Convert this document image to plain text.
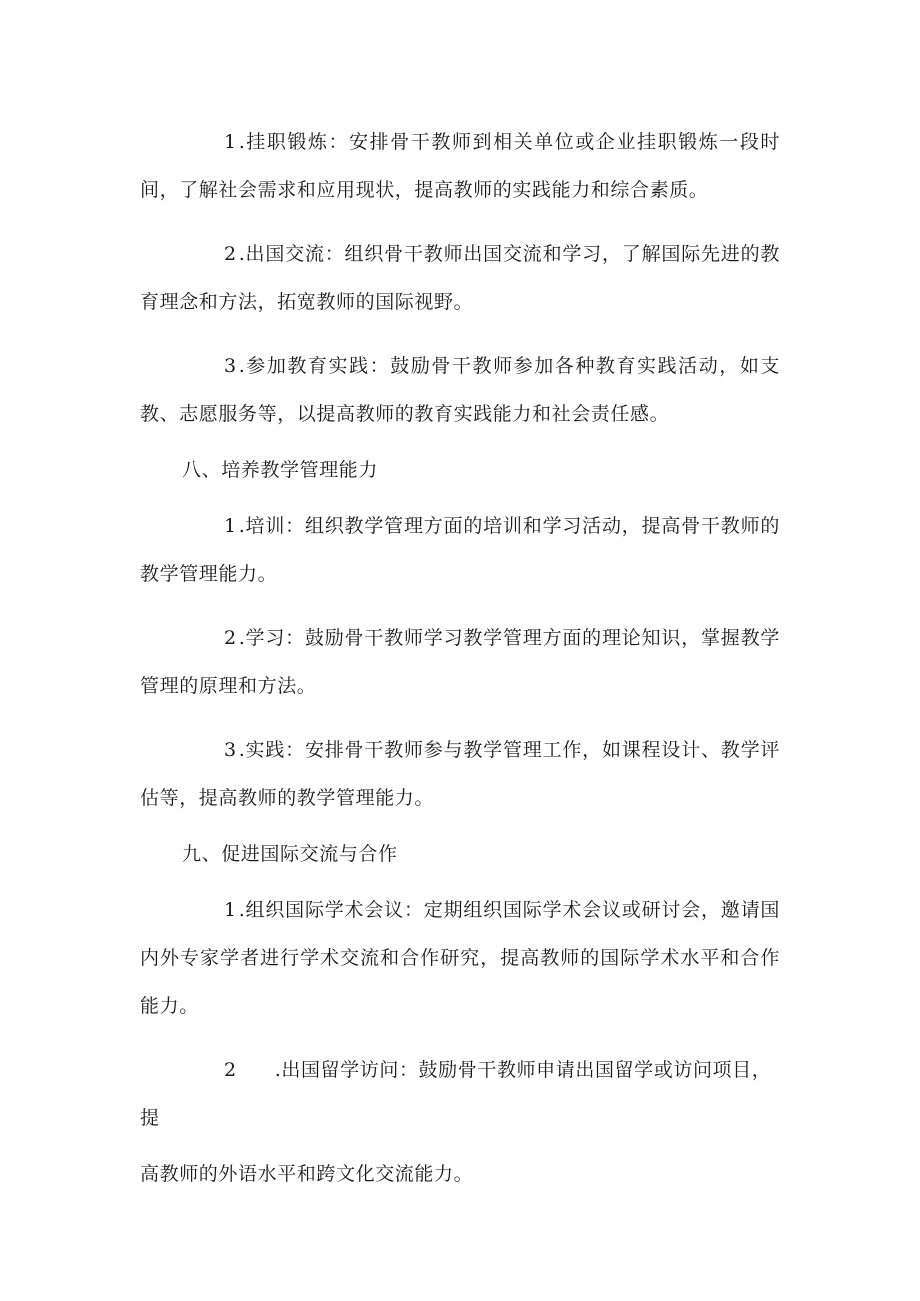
1 .挂职锻炼：安排骨干教师到相关单位或企业挂职锻炼一段时间，了解社会需求和应用现状，提高教师的实践能力和综合素质。

2 .出国交流：组织骨干教师出国交流和学习，了解国际先进的教育理念和方法，拓宽教师的国际视野。

3 .参加教育实践：鼓励骨干教师参加各种教育实践活动，如支教、志愿服务等，以提高教师的教育实践能力和社会责任感。

八、培养教学管理能力

1 .培训：组织教学管理方面的培训和学习活动，提高骨干教师的教学管理能力。

2 .学习：鼓励骨干教师学习教学管理方面的理论知识，掌握教学管理的原理和方法。

3 .实践：安排骨干教师参与教学管理工作，如课程设计、教学评估等，提高教师的教学管理能力。

九、促进国际交流与合作

1 .组织国际学术会议：定期组织国际学术会议或研讨会，邀请国内外专家学者进行学术交流和合作研究，提高教师的国际学术水平和合作能力。

2 .出国留学访问：鼓励骨干教师申请出国留学或访问项目，提
高教师的外语水平和跨文化交流能力。
